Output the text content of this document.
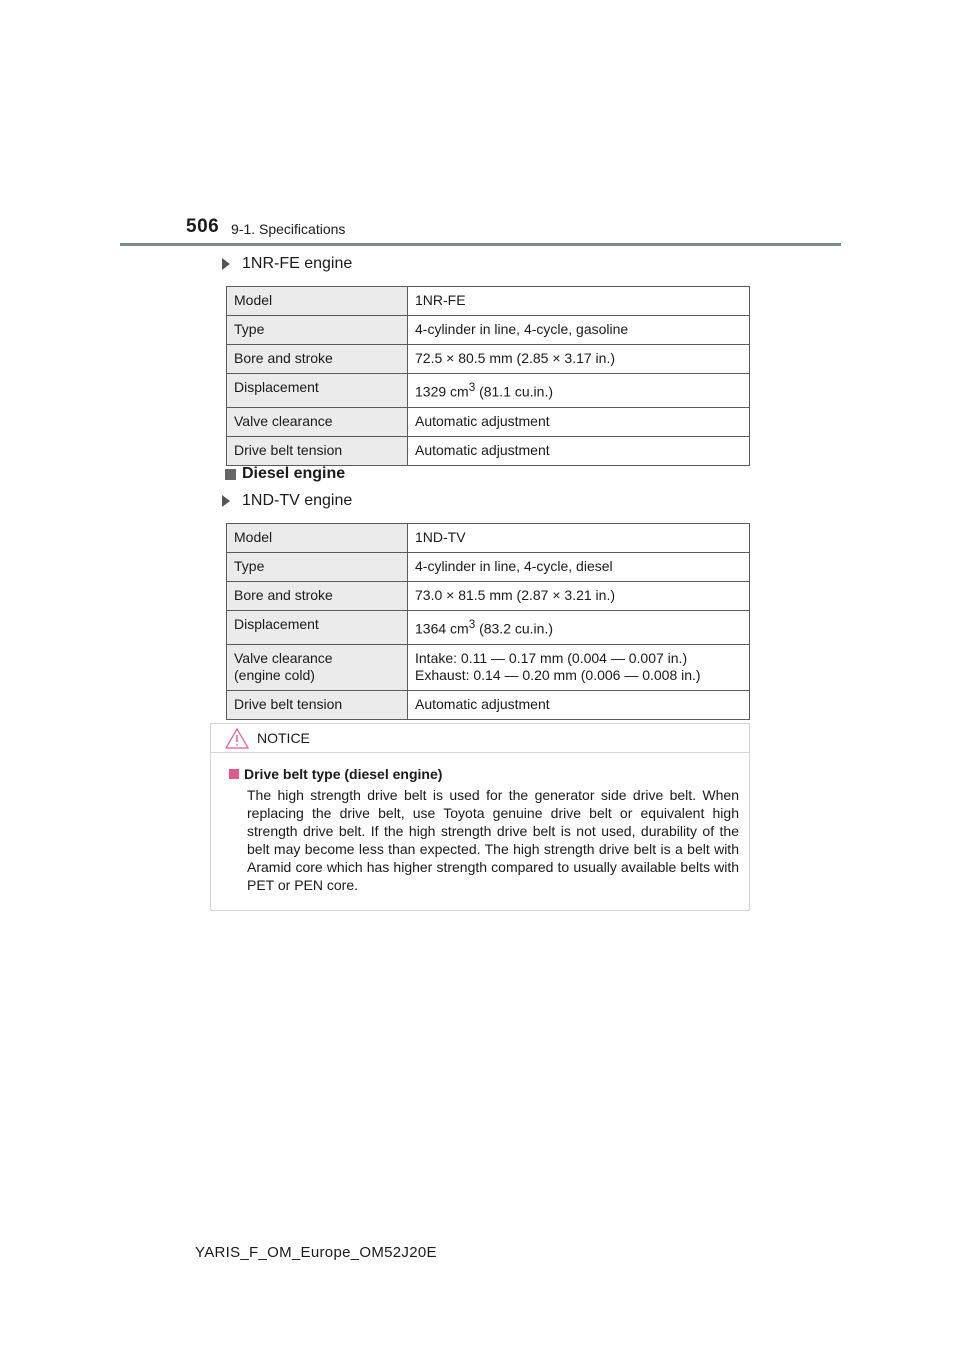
506 9-1. Specifications
1NR-FE engine
Model	1NR-FE
Type	4-cylinder in line, 4-cycle, gasoline
Bore and stroke	72.5 × 80.5 mm (2.85 × 3.17 in.)
Displacement	1329 $cm^3$ (81.1 cu.in.)
Valve clearance	Automatic adjustment
Drive belt tension	Automatic adjustment
Diesel engine
1ND-TV engine
Model	1ND-TV
Type	4-cylinder in line, 4-cycle, diesel
Bore and stroke	73.0 × 81.5 mm (2.87 × 3.21 in.)
Displacement	1364 $cm^3$ (83.2 cu.in.)

Valve clearance
(engine cold)	Intake: 0.11 — 0.17 mm (0.004 — 0.007 in.)
Exhaust: 0.14 — 0.20 mm (0.006 — 0.008 in.)

Drive belt tension	Automatic adjustment
NOTICE
Drive belt type (diesel engine)
The high strength drive belt is used for the generator side drive belt. When replacing the drive belt, use Toyota genuine drive belt or equivalent high strength drive belt. If the high strength drive belt is not used, durability of the belt may become less than expected. The high strength drive belt is a belt with Aramid core which has higher strength compared to usually available belts with PET or PEN core.
YARIS_F_OM_Europe_OM52J20E
